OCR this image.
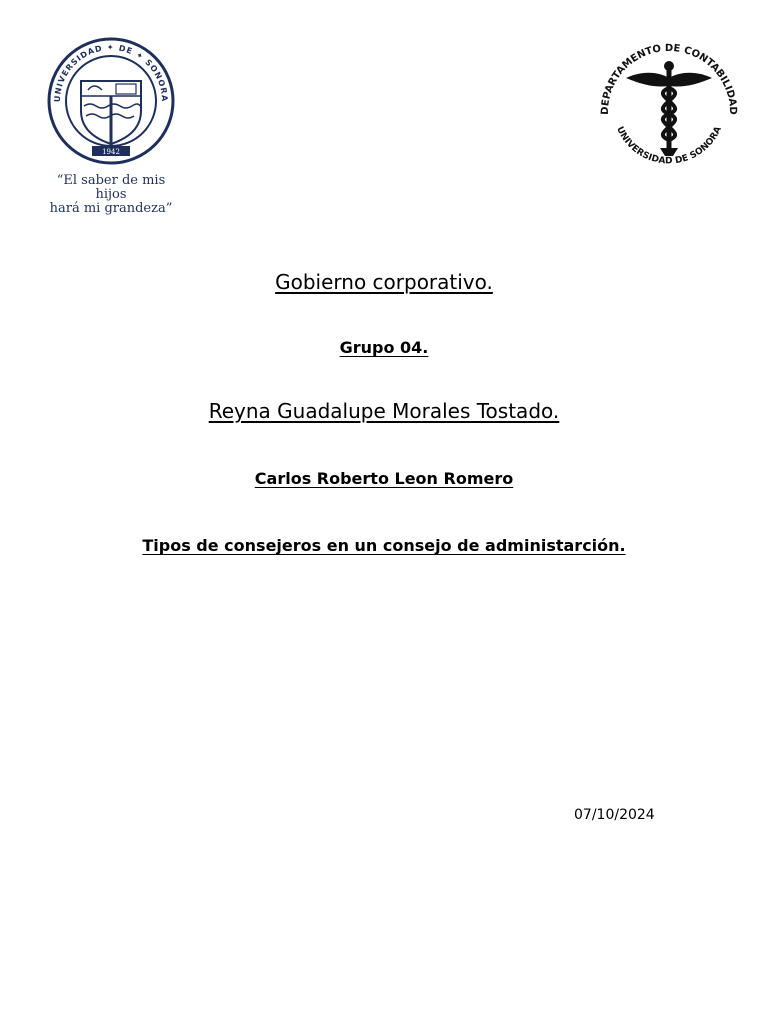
UNIVERSIDAD ✦ DE ✦ SONORA
1942
“El saber de mis hijos
hará mi grandeza”
DEPARTAMENTO DE CONTABILIDAD
UNIVERSIDAD DE SONORA
Gobierno corporativo.
Grupo 04.
Reyna Guadalupe Morales Tostado.
Carlos Roberto Leon Romero
Tipos de consejeros en un consejo de administarción.
07/10/2024
